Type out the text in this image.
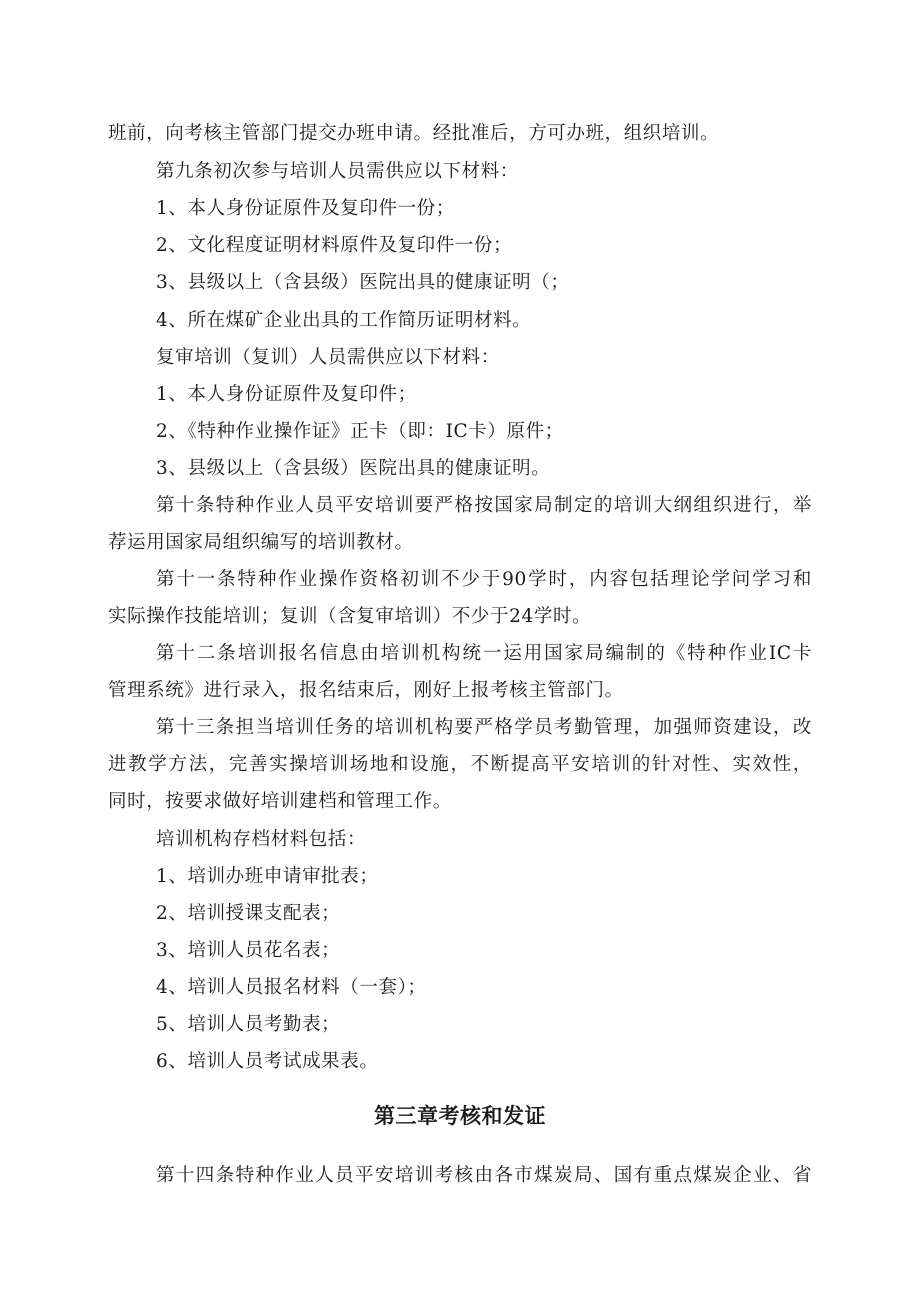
班前，向考核主管部门提交办班申请。经批准后，方可办班，组织培训。
第九条初次参与培训人员需供应以下材料：
1、本人身份证原件及复印件一份；
2、文化程度证明材料原件及复印件一份；
3、县级以上（含县级）医院出具的健康证明（；
4、所在煤矿企业出具的工作简历证明材料。
复审培训（复训）人员需供应以下材料：
1、本人身份证原件及复印件；
2、《特种作业操作证》正卡（即：IC卡）原件；
3、县级以上（含县级）医院出具的健康证明。
第十条特种作业人员平安培训要严格按国家局制定的培训大纲组织进行，举
荐运用国家局组织编写的培训教材。
第十一条特种作业操作资格初训不少于90学时，内容包括理论学问学习和
实际操作技能培训；复训（含复审培训）不少于24学时。
第十二条培训报名信息由培训机构统一运用国家局编制的《特种作业IC卡
管理系统》进行录入，报名结束后，刚好上报考核主管部门。
第十三条担当培训任务的培训机构要严格学员考勤管理，加强师资建设，改
进教学方法，完善实操培训场地和设施，不断提高平安培训的针对性、实效性，
同时，按要求做好培训建档和管理工作。
培训机构存档材料包括：
1、培训办班申请审批表；
2、培训授课支配表；
3、培训人员花名表；
4、培训人员报名材料（一套）；
5、培训人员考勤表；
6、培训人员考试成果表。
第三章考核和发证
第十四条特种作业人员平安培训考核由各市煤炭局、国有重点煤炭企业、省
